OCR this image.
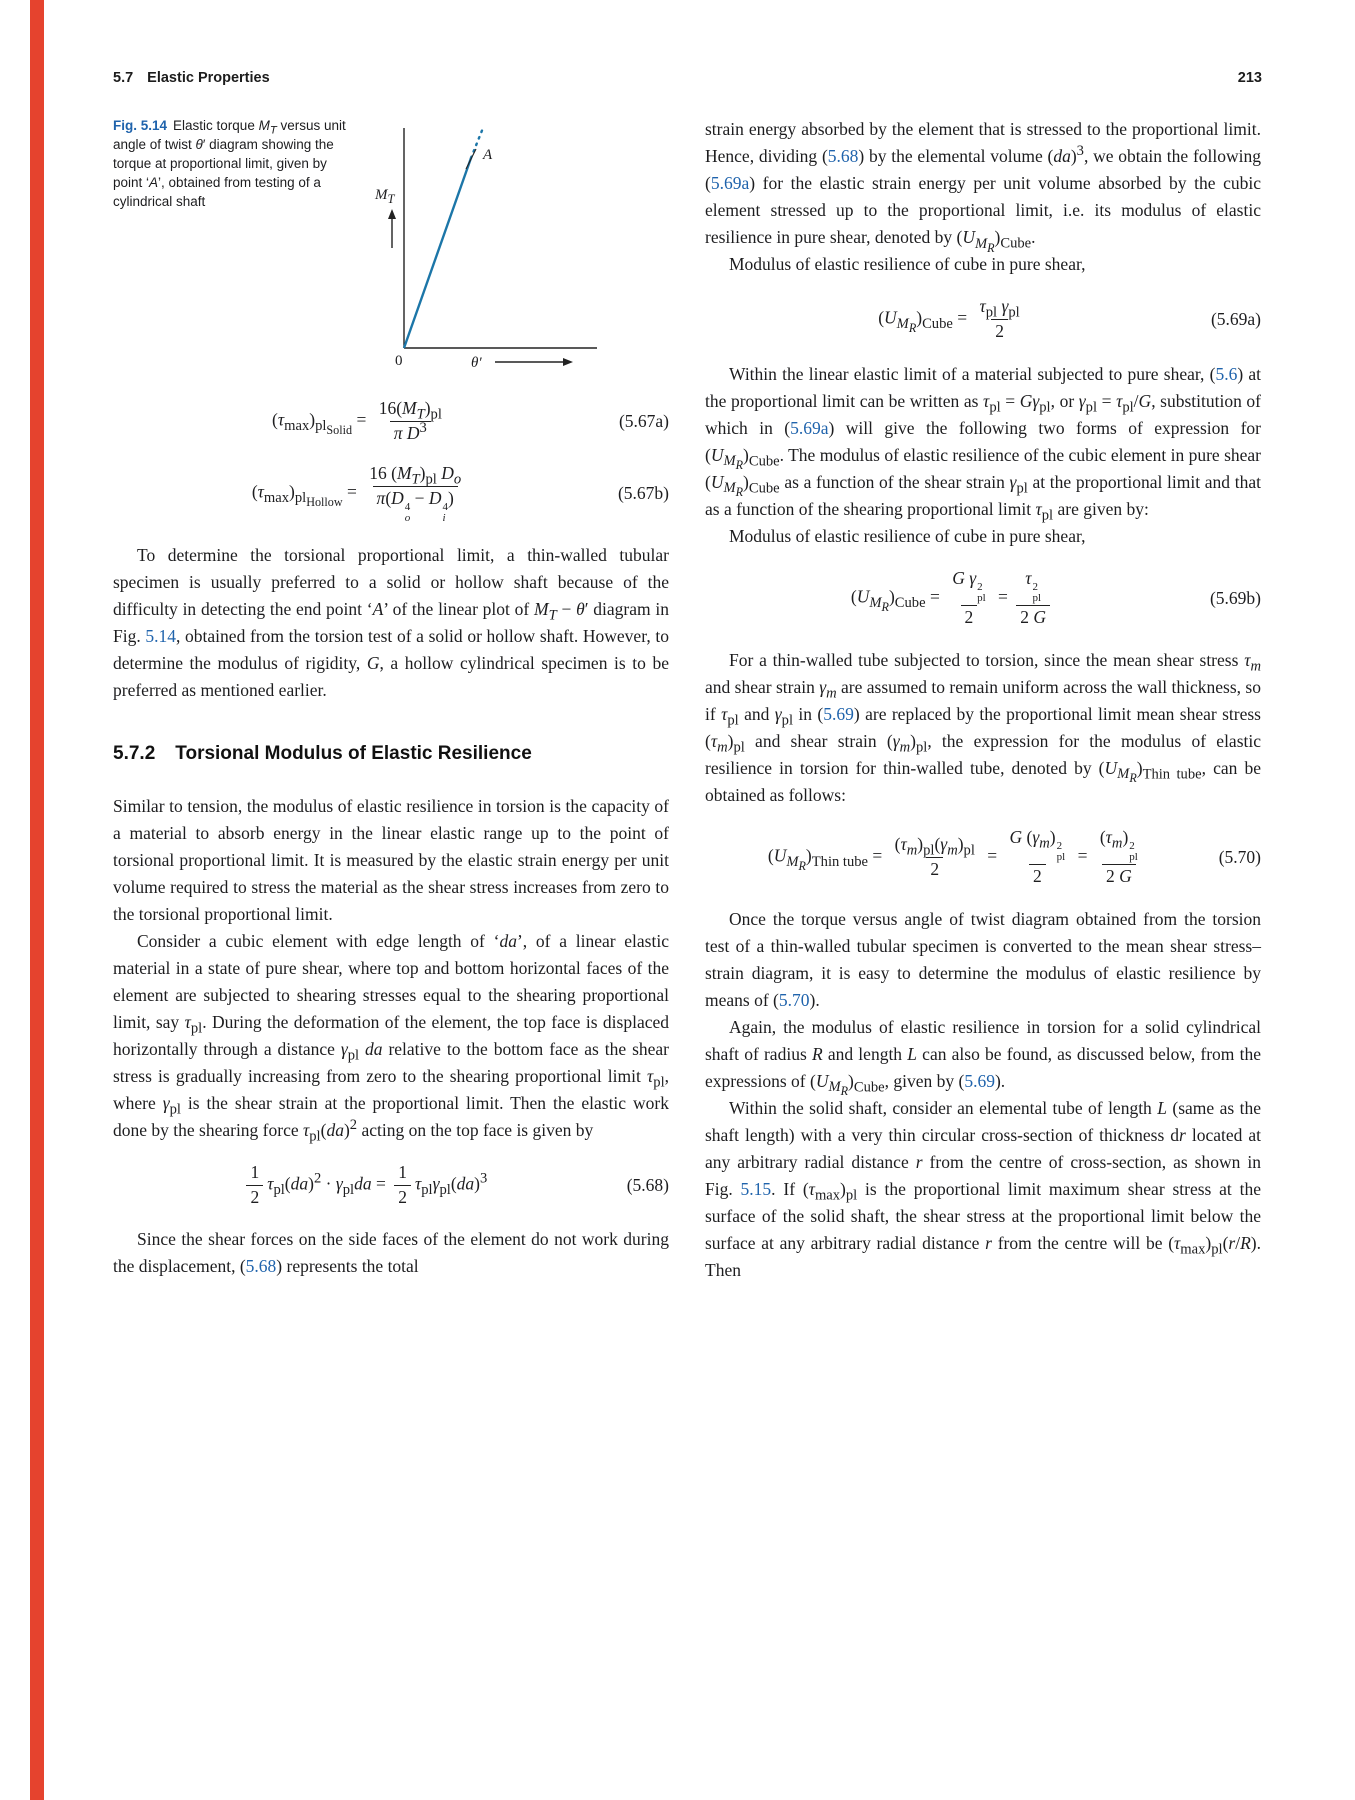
5.7 Elastic Properties	213
Fig. 5.14 Elastic torque $M_T$ versus unit angle of twist θ′ diagram showing the torque at proportional limit, given by point ‘A’, obtained from testing of a cylindrical shaft	$M_T$
0	θ′
A
$(\tau_{max})_{pl_{Solid}} = \frac{16(M_T)_{pl}}{\pi D^3}$	(5.67a)
$(\tau_{max})_{pl_{Hollow}} = 16$ $(M_T)_{pl}$ $D_o$
π(D 4
o
− D 4
i
)	(5.67b)

To determine the torsional proportional limit, a thin-walled tubular specimen is usually preferred to a solid or hollow shaft because of the difficulty in detecting the end point ‘A’ of the linear plot of $M_T - \theta'$ diagram in Fig. 5.14, obtained from the torsion test of a solid or hollow shaft. However, to determine the modulus of rigidity, G, a hollow cylindrical specimen is to be preferred as mentioned earlier.

5.7.2 Torsional Modulus of Elastic Resilience

Similar to tension, the modulus of elastic resilience in torsion is the capacity of a material to absorb energy in the linear elastic range up to the point of torsional proportional limit. It is measured by the elastic strain energy per unit volume required to stress the material as the shear stress increases from zero to the torsional proportional limit.

Consider a cubic element with edge length of ‘da’, of a linear elastic material in a state of pure shear, where top and bottom horizontal faces of the element are subjected to shearing stresses equal to the shearing proportional limit, say $\tau_{pl}$. During the deformation of the element, the top face is displaced horizontally through a distance $\gamma_{pl}$ da relative to the bottom face as the shear stress is gradually increasing from zero to the shearing proportional limit $\tau_{pl}$, where $\gamma_{pl}$ is the shear strain at the proportional limit. Then the elastic work done by the shearing force $\tau_{pl}(da)^2$ acting on the top face is given by

$\frac{1}{2} \tau_{pl}(da)^2 \cdot \gamma_{pl}da = \frac{1}{2} \tau_{pl}\gamma_{pl}(da)^3$	(5.68)

Since the shear forces on the side faces of the element do not work during the displacement, (5.68) represents the total

strain energy absorbed by the element that is stressed to the proportional limit. Hence, dividing (5.68) by the elemental volume (da)$^3$, we obtain the following (5.69a) for the elastic strain energy per unit volume absorbed by the cubic element stressed up to the proportional limit, i.e. its modulus of elastic resilience in pure shear, denoted by $(U_{M_R})_{Cube}$.

Modulus of elastic resilience of cube in pure shear,

$(U_{M_R})_{Cube} = \frac{\tau_{pl} \gamma_{pl}}{2}$	(5.69a)

Within the linear elastic limit of a material subjected to pure shear, (5.6) at the proportional limit can be written as $\tau_{pl} = G\gamma_{pl}$, or $\gamma_{pl} = \tau_{pl}/G$, substitution of which in (5.69a) will give the following two forms of expression for $(U_{M_R})_{Cube}$. The modulus of elastic resilience of the cubic element in pure shear $(U_{M_R})_{Cube}$ as a function of the shear strain $\gamma_{pl}$ at the proportional limit and that as a function of the shearing proportional limit $\tau_{pl}$ are given by:

Modulus of elastic resilience of cube in pure shear,

$(U_{M_R})_{Cube} = G$ γ 2
pl
2 = τ 2
pl
2 G	(5.69b)

For a thin-walled tube subjected to torsion, since the mean shear stress $\tau_m$ and shear strain $\gamma_m$ are assumed to remain uniform across the wall thickness, so if $\tau_{pl}$ and $\gamma_{pl}$ in (5.69) are replaced by the proportional limit mean shear stress $(\tau_m)_{pl}$ and shear strain $(\gamma_m)_{pl}$, the expression for the modulus of elastic resilience in torsion for thin-walled tube, denoted by $(U_{M_R})_{Thin tube}$, can be obtained as follows:

$(U_{M_R})_{Thin tube} = \frac{(\tau_m)_{pl}(\gamma_m)_{pl}}{2} = G$ $(\gamma_m)$ 2
pl
$2 = (\tau_m)$ 2
pl
2 G	(5.70)

Once the torque versus angle of twist diagram obtained from the torsion test of a thin-walled tubular specimen is converted to the mean shear stress–strain diagram, it is easy to determine the modulus of elastic resilience by means of (5.70).

Again, the modulus of elastic resilience in torsion for a solid cylindrical shaft of radius R and length L can also be found, as discussed below, from the expressions of $(U_{M_R})_{Cube}$, given by (5.69).

Within the solid shaft, consider an elemental tube of length L (same as the shaft length) with a very thin circular cross-section of thickness dr located at any arbitrary radial distance r from the centre of cross-section, as shown in Fig. 5.15. If $(\tau_{max})_{pl}$ is the proportional limit maximum shear stress at the surface of the solid shaft, the shear stress at the proportional limit below the surface at any arbitrary radial distance r from the centre will be $(\tau_{max})_{pl}(r/R)$. Then
